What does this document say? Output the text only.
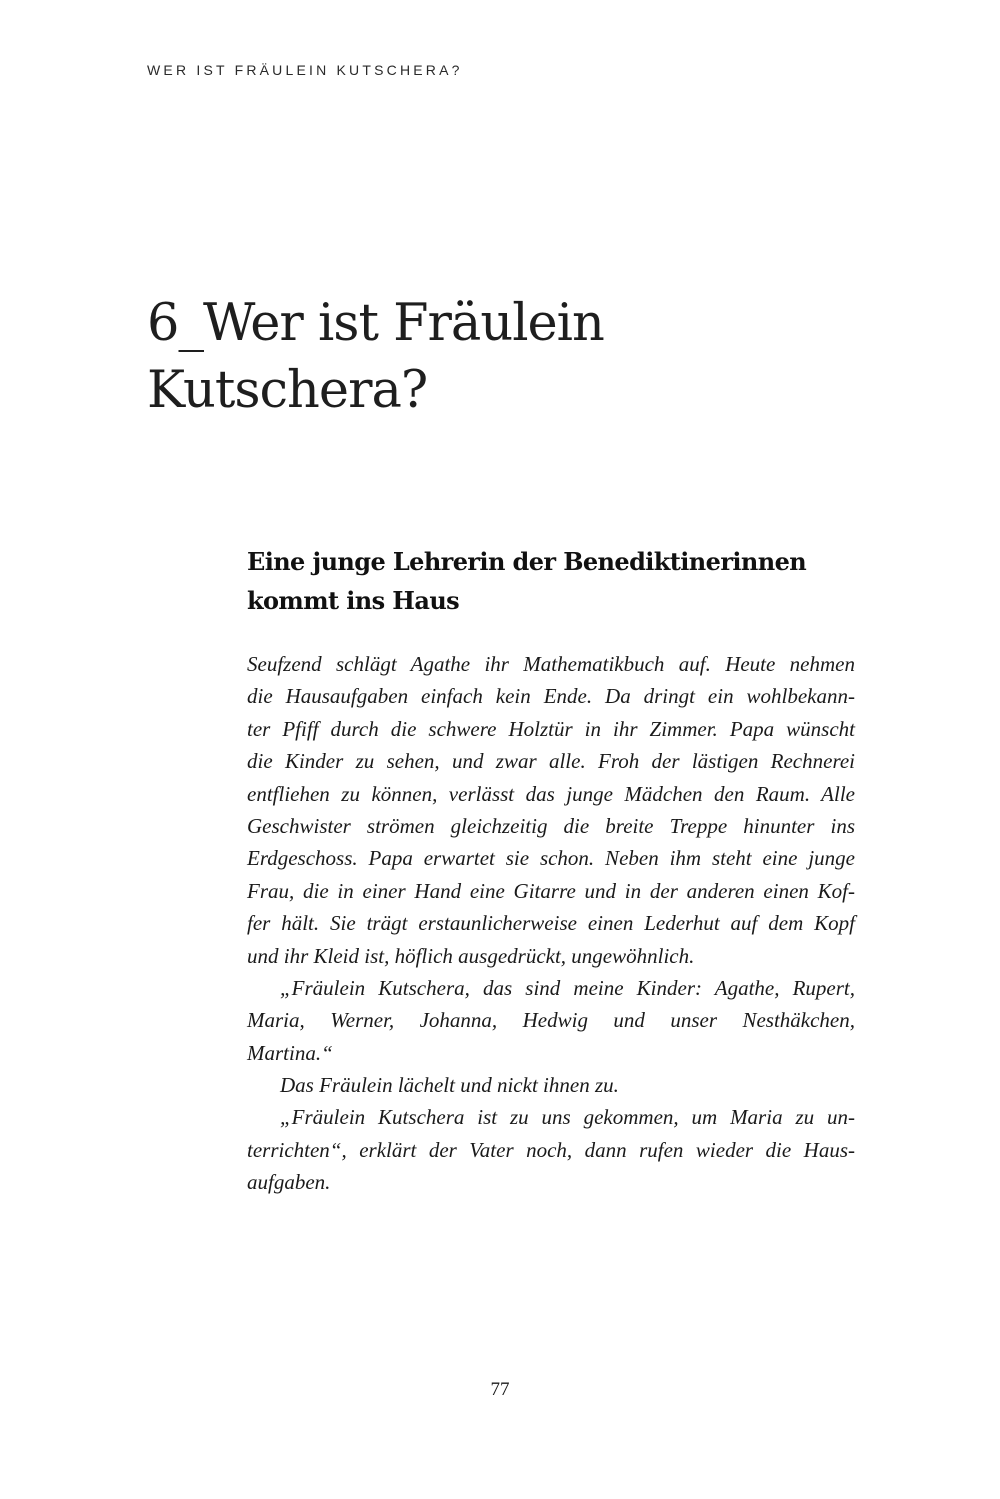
WER IST FRÄULEIN KUTSCHERA?
6_Wer ist Fräulein
Kutschera?
Eine junge Lehrerin der Benediktinerinnen
kommt ins Haus
Seufzend schlägt Agathe ihr Mathematikbuch auf. Heute nehmen
die Hausaufgaben einfach kein Ende. Da dringt ein wohlbekann-
ter Pfiff durch die schwere Holztür in ihr Zimmer. Papa wünscht
die Kinder zu sehen, und zwar alle. Froh der lästigen Rechnerei
entfliehen zu können, verlässt das junge Mädchen den Raum. Alle
Geschwister strömen gleichzeitig die breite Treppe hinunter ins
Erdgeschoss. Papa erwartet sie schon. Neben ihm steht eine junge
Frau, die in einer Hand eine Gitarre und in der anderen einen Kof-
fer hält. Sie trägt erstaunlicherweise einen Lederhut auf dem Kopf
und ihr Kleid ist, höflich ausgedrückt, ungewöhnlich.
„Fräulein Kutschera, das sind meine Kinder: Agathe, Rupert,
Maria, Werner, Johanna, Hedwig und unser Nesthäkchen,
Martina.“
Das Fräulein lächelt und nickt ihnen zu.
„Fräulein Kutschera ist zu uns gekommen, um Maria zu un-
terrichten“, erklärt der Vater noch, dann rufen wieder die Haus-
aufgaben.
77
